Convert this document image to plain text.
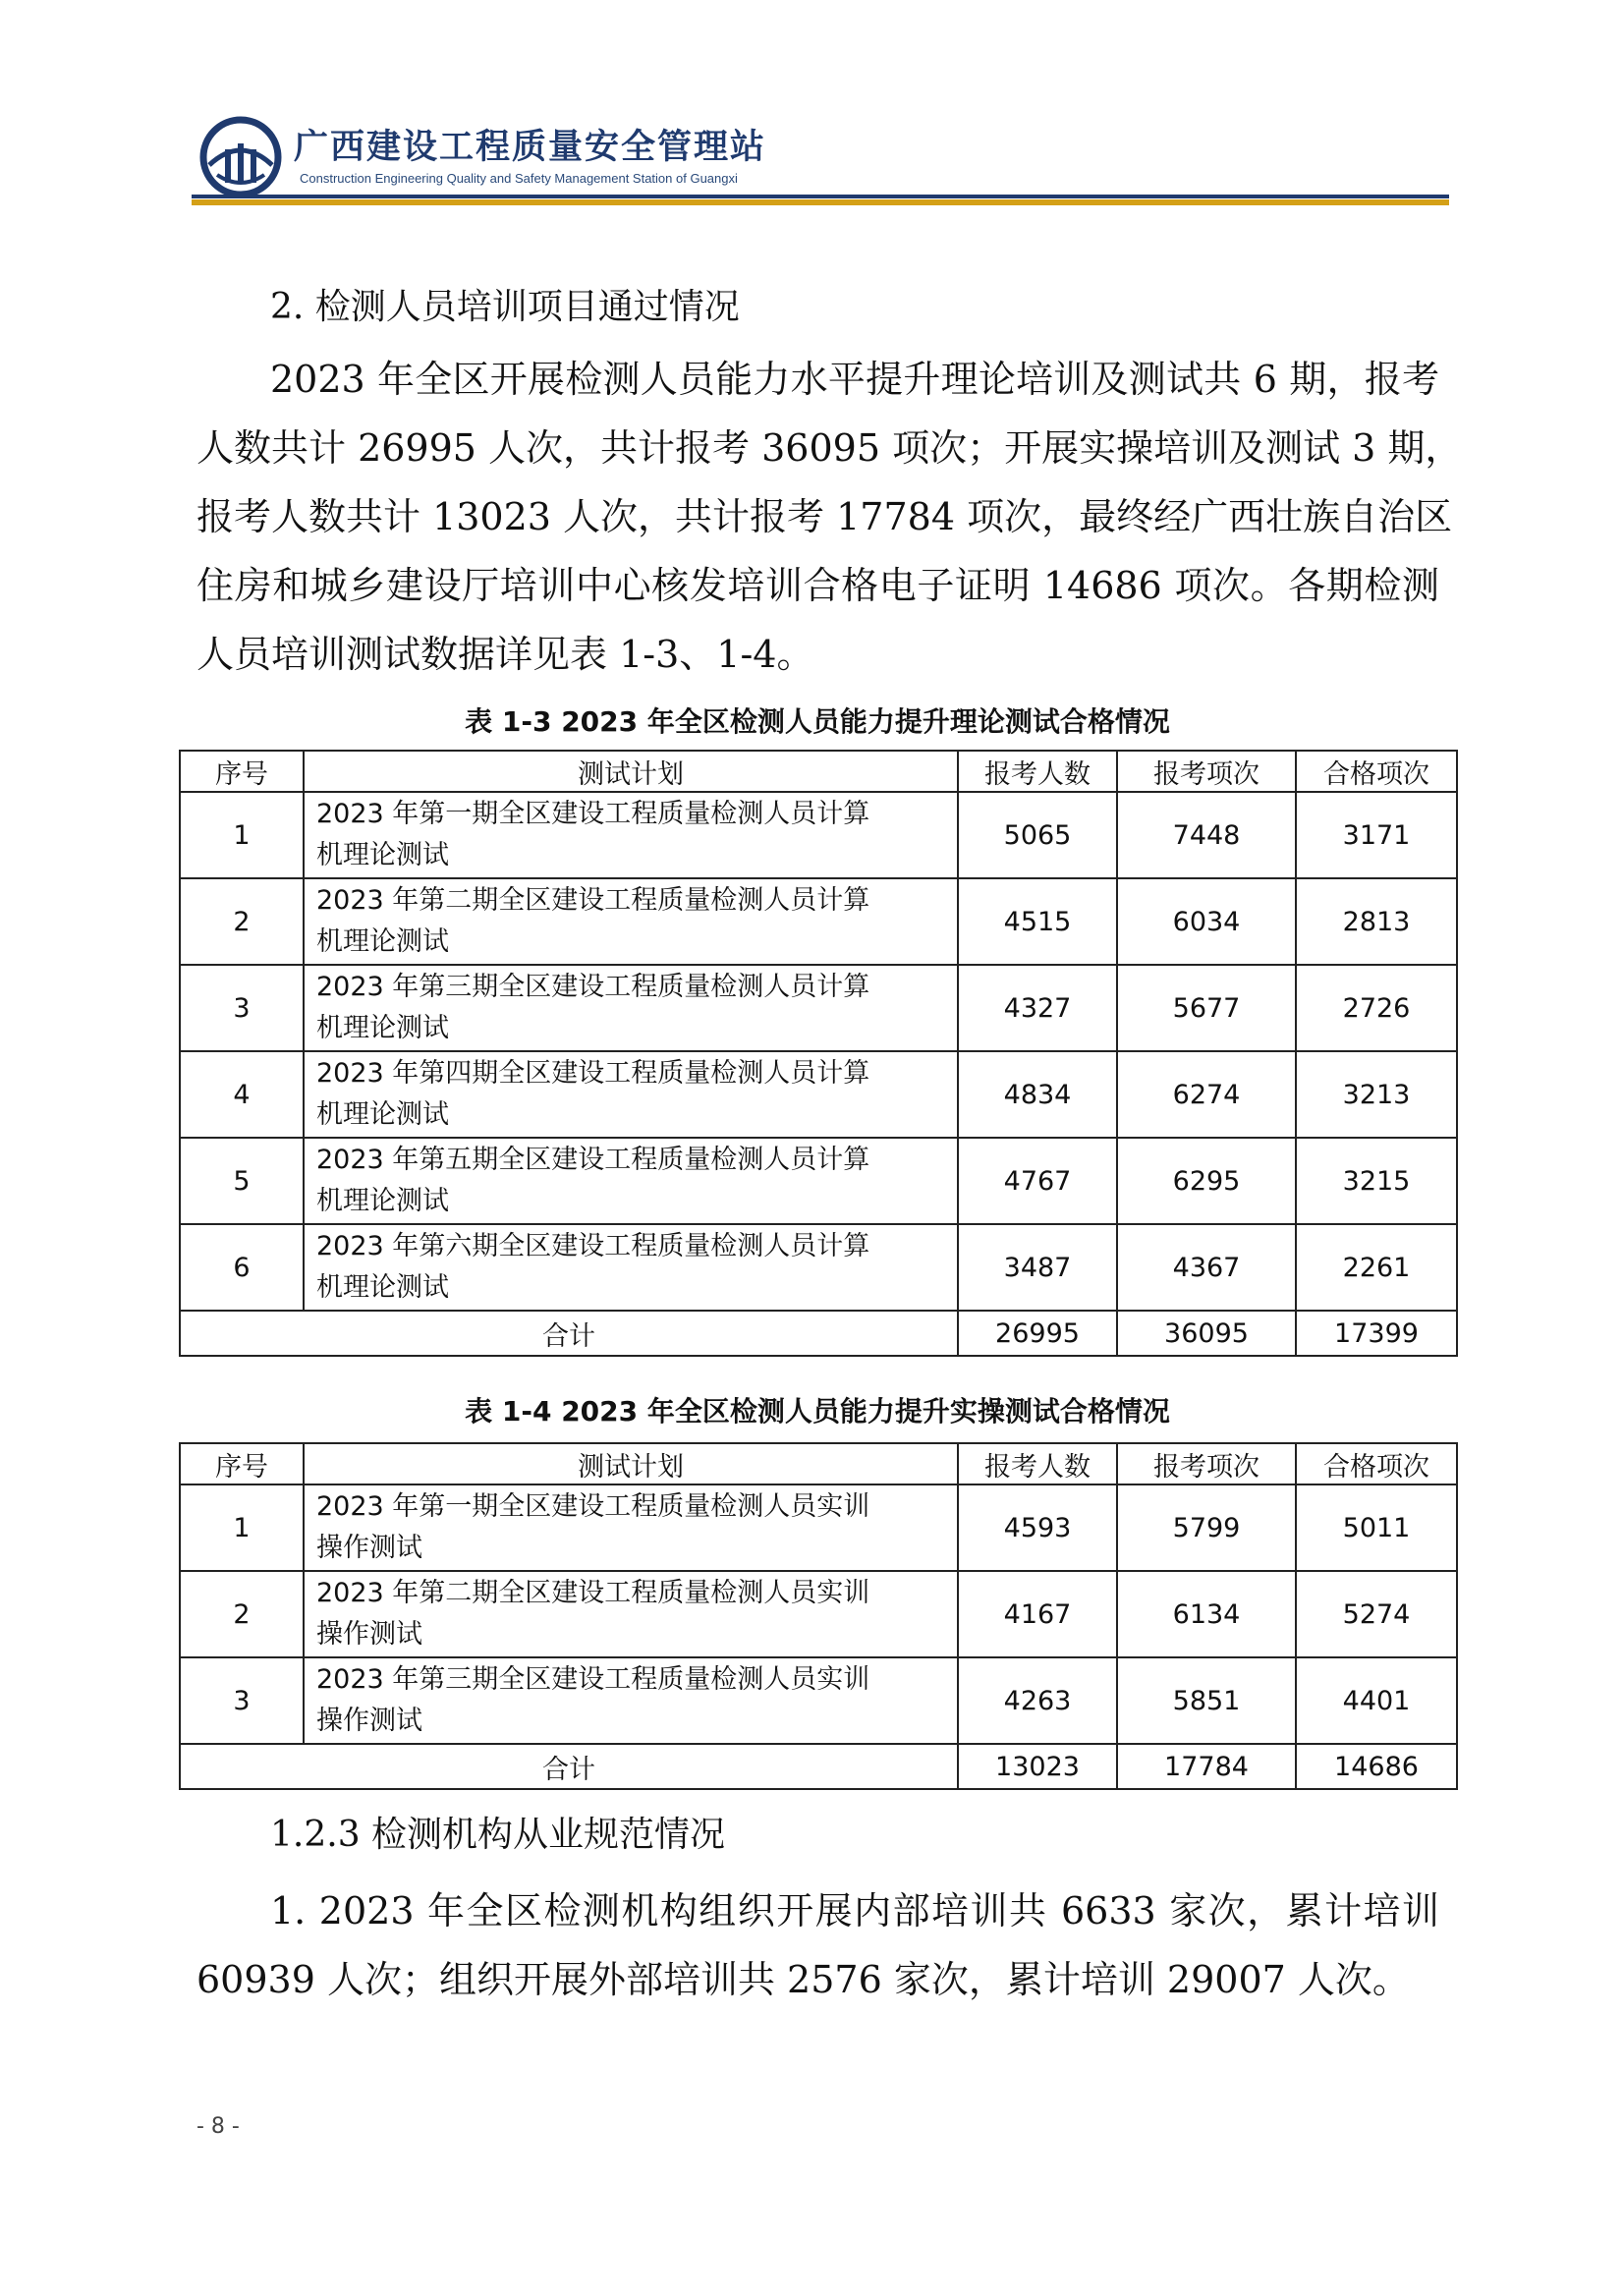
广西建设工程质量安全管理站
Construction Engineering Quality and Safety Management Station of Guangxi
2. 检测人员培训项目通过情况
2023 年全区开展检测人员能力水平提升理论培训及测试共 6 期，报考
人数共计 26995 人次，共计报考 36095 项次；开展实操培训及测试 3 期，
报考人数共计 13023 人次，共计报考 17784 项次，最终经广西壮族自治区
住房和城乡建设厅培训中心核发培训合格电子证明 14686 项次。各期检测
人员培训测试数据详见表 1-3、1-4。
表 1-3 2023 年全区检测人员能力提升理论测试合格情况
序号	测试计划	报考人数	报考项次	合格项次
1	2023 年第一期全区建设工程质量检测人员计算
机理论测试	5065	7448	3171
2	2023 年第二期全区建设工程质量检测人员计算
机理论测试	4515	6034	2813
3	2023 年第三期全区建设工程质量检测人员计算
机理论测试	4327	5677	2726
4	2023 年第四期全区建设工程质量检测人员计算
机理论测试	4834	6274	3213
5	2023 年第五期全区建设工程质量检测人员计算
机理论测试	4767	6295	3215
6	2023 年第六期全区建设工程质量检测人员计算
机理论测试	3487	4367	2261
合计		26995	36095	17399
表 1-4 2023 年全区检测人员能力提升实操测试合格情况
序号	测试计划	报考人数	报考项次	合格项次
1	2023 年第一期全区建设工程质量检测人员实训
操作测试	4593	5799	5011
2	2023 年第二期全区建设工程质量检测人员实训
操作测试	4167	6134	5274
3	2023 年第三期全区建设工程质量检测人员实训
操作测试	4263	5851	4401
合计		13023	17784	14686
1.2.3 检测机构从业规范情况
1. 2023 年全区检测机构组织开展内部培训共 6633 家次，累计培训
60939 人次；组织开展外部培训共 2576 家次，累计培训 29007 人次。
- 8 -
